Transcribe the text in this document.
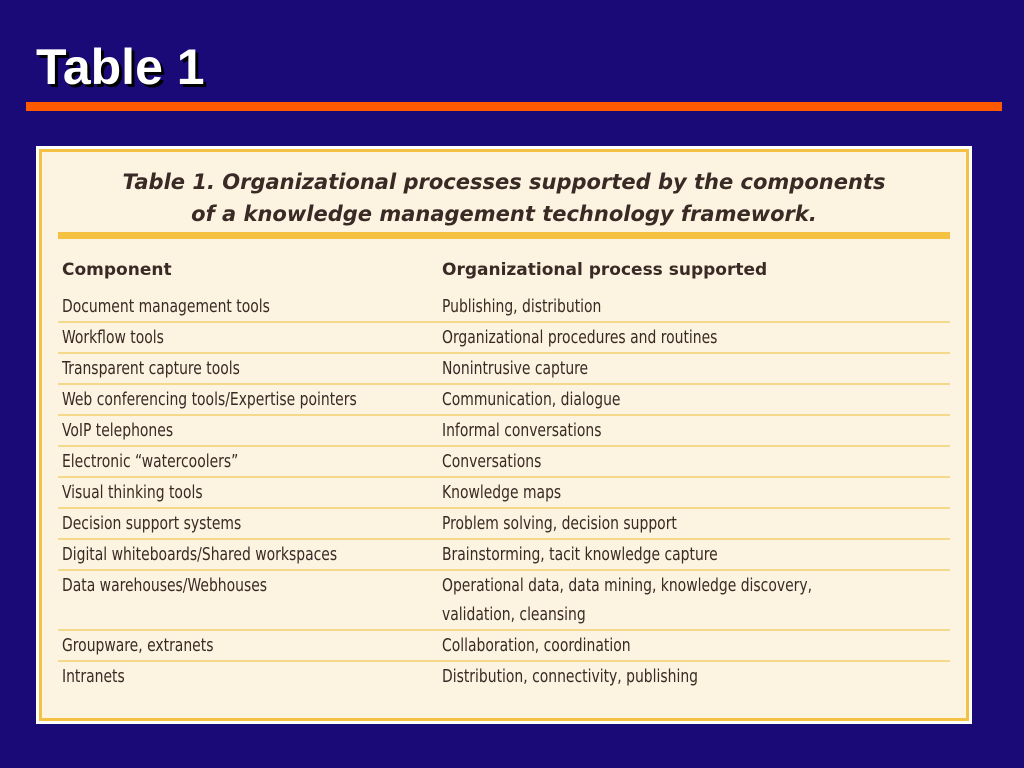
Table 1
Table 1. Organizational processes supported by the components
of a knowledge management technology framework.
Component	Organizational process supported
Document management tools	Publishing, distribution
Workflow tools	Organizational procedures and routines
Transparent capture tools	Nonintrusive capture
Web conferencing tools/Expertise pointers	Communication, dialogue
VoIP telephones	Informal conversations
Electronic “watercoolers”	Conversations
Visual thinking tools	Knowledge maps
Decision support systems	Problem solving, decision support
Digital whiteboards/Shared workspaces	Brainstorming, tacit knowledge capture
Data warehouses/Webhouses	Operational data, data mining, knowledge discovery,
validation, cleansing
Groupware, extranets	Collaboration, coordination
Intranets	Distribution, connectivity, publishing
